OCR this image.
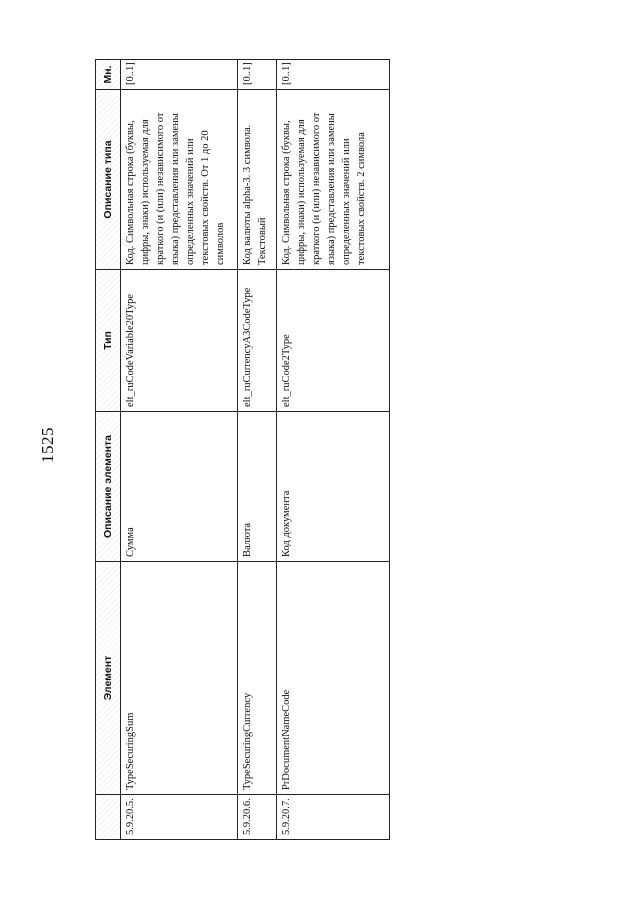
1525
	Элемент	Описание элемента	Тип	Описание типа	Мн.
5.9.20.5.	TypeSecuringSum	Сумма	elt_ruCodeVariable20Type	Код. Символьная строка (буквы, цифры, знаки) используемая для краткого (и (или) независимого от языка) представления или замены определенных значений или текстовых свойств. От 1 до 20 символов	[0..1]
5.9.20.6.	TypeSecuringCurrency	Валюта	elt_ruCurrencyA3CodeType	Код валюты alpha-3. 3 символа. Текстовый	[0..1]
5.9.20.7.	PrDocumentNameCode	Код документа	elt_ruCode2Type	Код. Символьная строка (буквы, цифры, знаки) используемая для краткого (и (или) независимого от языка) представления или замены определенных значений или текстовых свойств. 2 символа	[0..1]
